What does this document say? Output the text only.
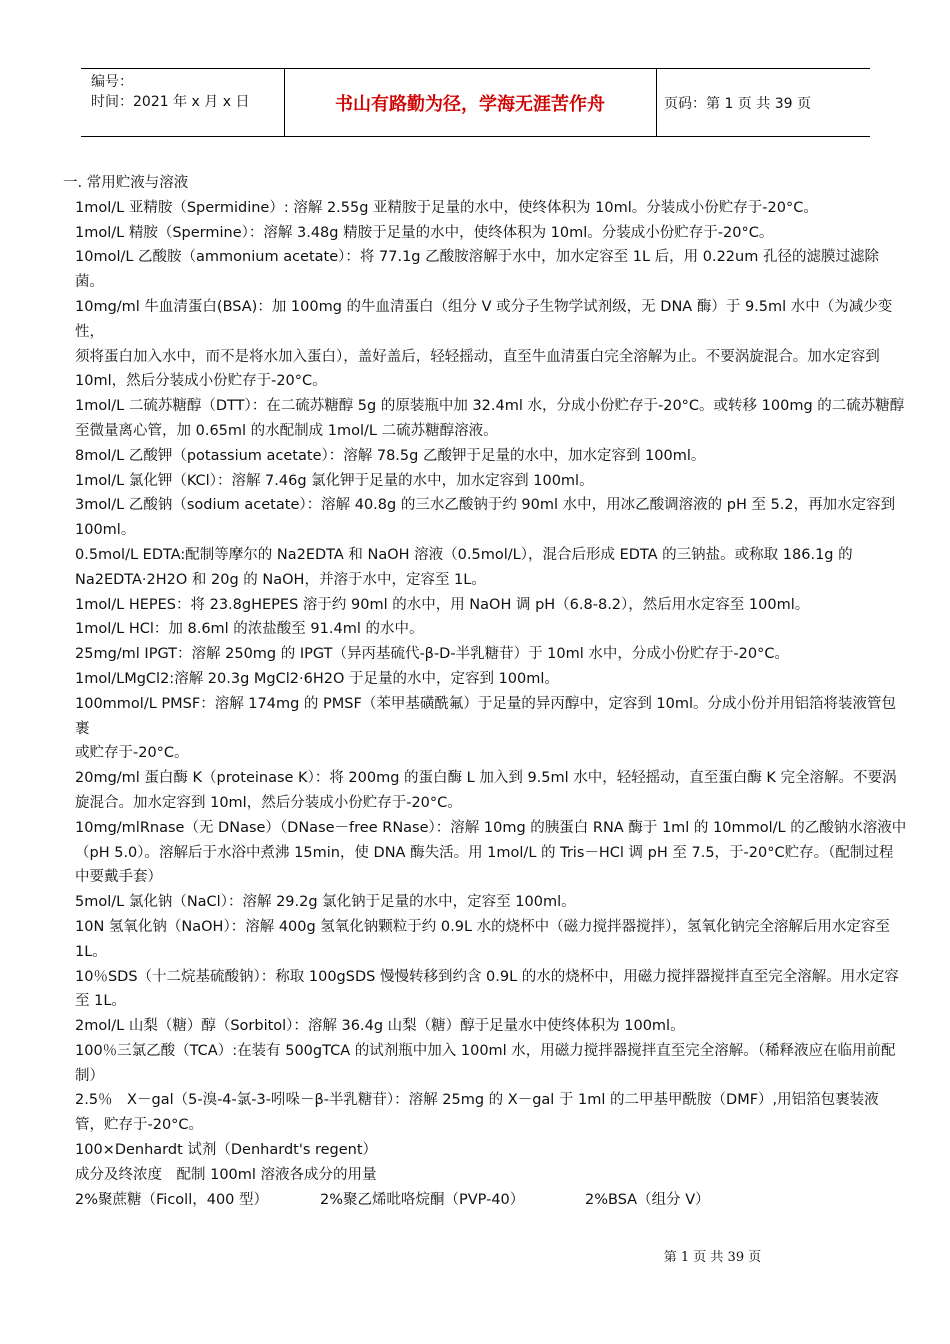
编号：
时间：2021 年 x 月 x 日	书山有路勤为径，学海无涯苦作舟	页码：第 1 页 共 39 页
一. 常用贮液与溶液

1mol/L 亚精胺（Spermidine）: 溶解 2.55g 亚精胺于足量的水中，使终体积为 10ml。分装成小份贮存于-20°C。

1mol/L 精胺（Spermine）：溶解 3.48g 精胺于足量的水中，使终体积为 10ml。分装成小份贮存于-20°C。

10mol/L 乙酸胺（ammonium acetate）：将 77.1g 乙酸胺溶解于水中，加水定容至 1L 后，用 0.22um 孔径的滤膜过滤除菌。

10mg/ml 牛血清蛋白(BSA)：加 100mg 的牛血清蛋白（组分 V 或分子生物学试剂级，无 DNA 酶）于 9.5ml 水中（为减少变性，

须将蛋白加入水中，而不是将水加入蛋白），盖好盖后，轻轻摇动，直至牛血清蛋白完全溶解为止。不要涡旋混合。加水定容到 10ml，然后分装成小份贮存于-20°C。

1mol/L 二硫苏糖醇（DTT）：在二硫苏糖醇 5g 的原装瓶中加 32.4ml 水，分成小份贮存于-20°C。或转移 100mg 的二硫苏糖醇

至微量离心管，加 0.65ml 的水配制成 1mol/L 二硫苏糖醇溶液。

8mol/L 乙酸钾（potassium acetate）：溶解 78.5g 乙酸钾于足量的水中，加水定容到 100ml。

1mol/L 氯化钾（KCl）：溶解 7.46g 氯化钾于足量的水中，加水定容到 100ml。

3mol/L 乙酸钠（sodium acetate）：溶解 40.8g 的三水乙酸钠于约 90ml 水中，用冰乙酸调溶液的 pH 至 5.2，再加水定容到 100ml。

0.5mol/L EDTA:配制等摩尔的 Na2EDTA 和 NaOH 溶液（0.5mol/L），混合后形成 EDTA 的三钠盐。或称取 186.1g 的 Na2EDTA·2H2O 和 20g 的 NaOH，并溶于水中，定容至 1L。

1mol/L HEPES：将 23.8gHEPES 溶于约 90ml 的水中，用 NaOH 调 pH（6.8-8.2），然后用水定容至 100ml。

1mol/L HCl：加 8.6ml 的浓盐酸至 91.4ml 的水中。

25mg/ml IPGT：溶解 250mg 的 IPGT（异丙基硫代-β-D-半乳糖苷）于 10ml 水中，分成小份贮存于-20°C。

1mol/LMgCl2:溶解 20.3g MgCl2·6H2O 于足量的水中，定容到 100ml。

100mmol/L PMSF：溶解 174mg 的 PMSF（苯甲基磺酰氟）于足量的异丙醇中，定容到 10ml。分成小份并用铝箔将装液管包裹

或贮存于-20°C。

20mg/ml 蛋白酶 K（proteinase K）：将 200mg 的蛋白酶 L 加入到 9.5ml 水中，轻轻摇动，直至蛋白酶 K 完全溶解。不要涡旋混合。加水定容到 10ml，然后分装成小份贮存于-20°C。

10mg/mlRnase（无 DNase）（DNase－free RNase）：溶解 10mg 的胰蛋白 RNA 酶于 1ml 的 10mmol/L 的乙酸钠水溶液中（pH 5.0）。溶解后于水浴中煮沸 15min，使 DNA 酶失活。用 1mol/L 的 Tris－HCl 调 pH 至 7.5，于-20°C贮存。（配制过程中要戴手套）

5mol/L 氯化钠（NaCl）：溶解 29.2g 氯化钠于足量的水中，定容至 100ml。

10N 氢氧化钠（NaOH）：溶解 400g 氢氧化钠颗粒于约 0.9L 水的烧杯中（磁力搅拌器搅拌），氢氧化钠完全溶解后用水定容至 1L。

10％SDS（十二烷基硫酸钠）：称取 100gSDS 慢慢转移到约含 0.9L 的水的烧杯中，用磁力搅拌器搅拌直至完全溶解。用水定容至 1L。

2mol/L 山梨（糖）醇（Sorbitol）：溶解 36.4g 山梨（糖）醇于足量水中使终体积为 100ml。

100％三氯乙酸（TCA）:在装有 500gTCA 的试剂瓶中加入 100ml 水，用磁力搅拌器搅拌直至完全溶解。（稀释液应在临用前配制）

2.5％　X－gal（5-溴-4-氯-3-吲哚－β-半乳糖苷）：溶解 25mg 的 X－gal 于 1ml 的二甲基甲酰胺（DMF）,用铝箔包裹装液管，贮存于-20°C。

100×Denhardt 试剂（Denhardt's regent）

成分及终浓度　配制 100ml 溶液各成分的用量

2%聚蔗糖（Ficoll，400 型）	2%聚乙烯吡咯烷酮（PVP-40）	2%BSA（组分 V）
第 1 页 共 39 页
